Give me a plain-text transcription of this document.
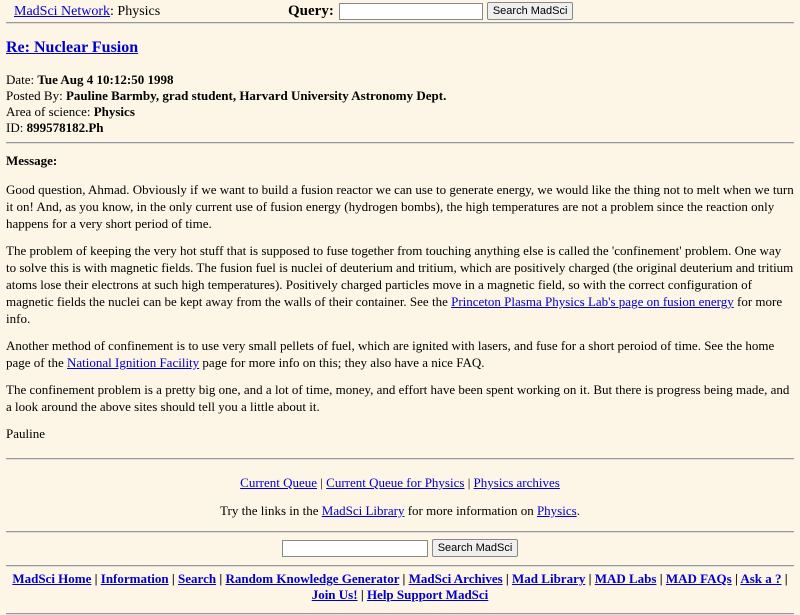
MadSci Network: Physics	Query:	Search MadSci
Re: Nuclear Fusion
Date: Tue Aug 4 10:12:50 1998
Posted By: Pauline Barmby, grad student, Harvard University Astronomy Dept.
Area of science: Physics
ID: 899578182.Ph
Message:

Good question, Ahmad. Obviously if we want to build a fusion reactor we can use to generate energy, we would like the thing not to melt when we turn it on! And, as you know, in the only current use of fusion energy (hydrogen bombs), the high temperatures are not a problem since the reaction only happens for a very short period of time.

The problem of keeping the very hot stuff that is supposed to fuse together from touching anything else is called the 'confinement' problem. One way to solve this is with magnetic fields. The fusion fuel is nuclei of deuterium and tritium, which are positively charged (the original deuterium and tritium atoms lose their electrons at such high temperatures). Positively charged particles move in a magnetic field, so with the correct configuration of magnetic fields the nuclei can be kept away from the walls of their container. See the Princeton Plasma Physics Lab's page on fusion energy for more info.

Another method of confinement is to use very small pellets of fuel, which are ignited with lasers, and fuse for a short peroiod of time. See the home page of the National Ignition Facility page for more info on this; they also have a nice FAQ.

The confinement problem is a pretty big one, and a lot of time, money, and effort have been spent working on it. But there is progress being made, and a look around the above sites should tell you a little about it.

Pauline

Current Queue | Current Queue for Physics | Physics archives
Try the links in the MadSci Library for more information on Physics.
Search MadSci
MadSci Home | Information | Search | Random Knowledge Generator | MadSci Archives | Mad Library | MAD Labs | MAD FAQs | Ask a ? | Join Us! | Help Support MadSci
